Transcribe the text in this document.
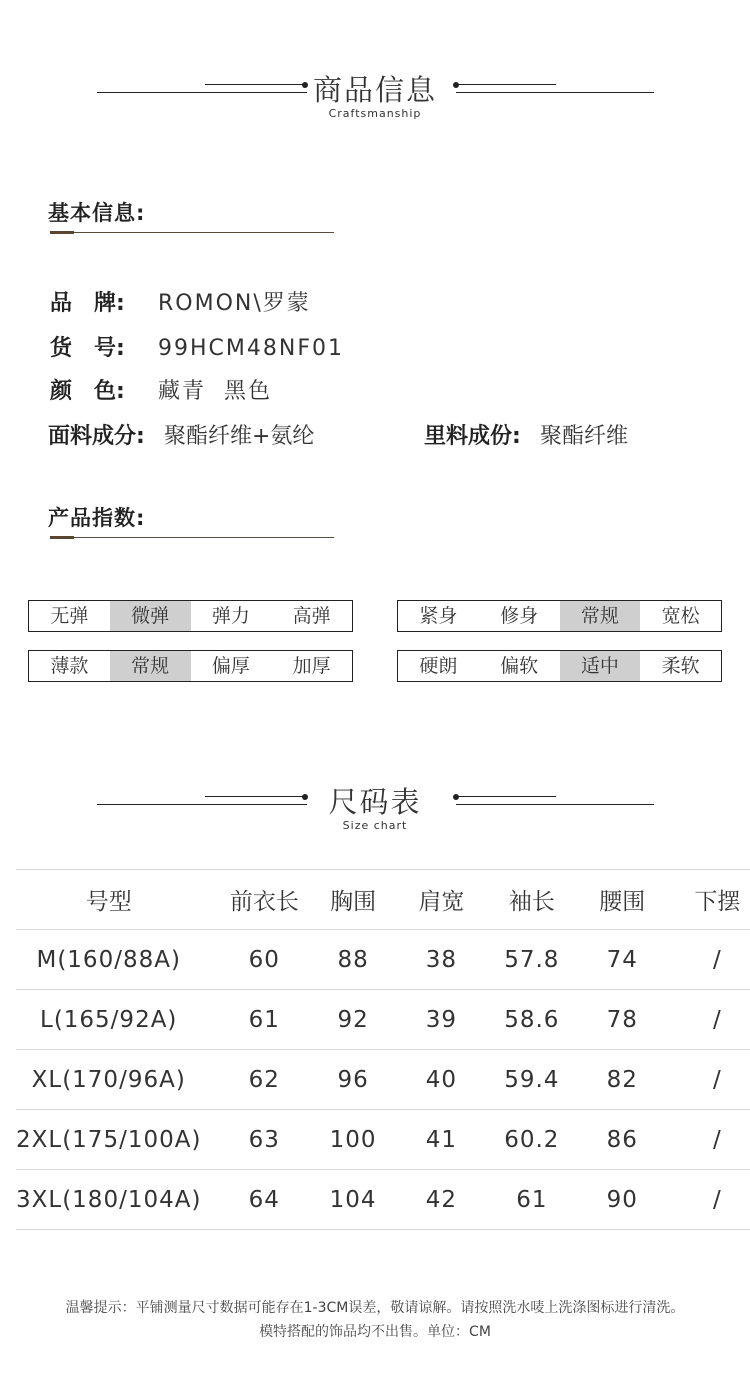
商品信息
Craftsmanship
基本信息:
品　牌: ROMON\罗蒙
货　号: 99HCM48NF01
颜　色: 藏青  黑色
面料成分: 聚酯纤维+氨纶	里料成份: 聚酯纤维
产品指数:
无弹	微弹	弹力	高弹	紧身	修身	常规	宽松
薄款	常规	偏厚	加厚	硬朗	偏软	适中	柔软
尺码表
Size chart
号型	前衣长	胸围	肩宽	袖长	腰围	下摆
M(160/88A)	60	88	38	57.8	74	/
L(165/92A)	61	92	39	58.6	78	/
XL(170/96A)	62	96	40	59.4	82	/
2XL(175/100A)	63	100	41	60.2	86	/
3XL(180/104A)	64	104	42	61	90	/
温馨提示：平铺测量尺寸数据可能存在1-3CM误差，敬请谅解。请按照洗水唛上洗涤图标进行清洗。
模特搭配的饰品均不出售。单位：CM
